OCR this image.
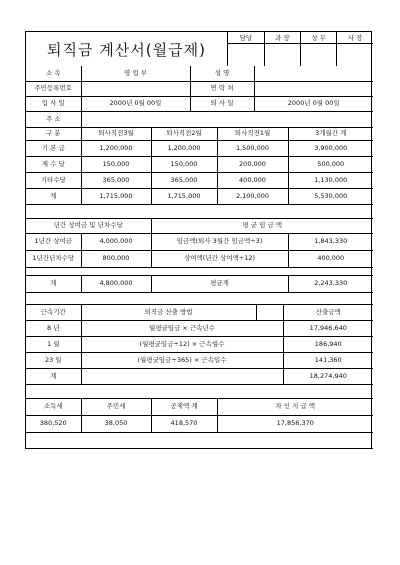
퇴직금 계산서(월급제)
담당	과 장	상 무	사 장

소 속	영 업 부	성 명	
주민등록번호		연 락 처	
입 사 일	2000년 0월 00일	퇴 사 일	2000년 0월 00일
주 소			
구 분	퇴사직전3월	퇴사직전2월	퇴사직전1월	3개월간 계
기 본 급	1,200,000	1,200,000	1,500,000	3,900,000
제 수 당	150,000	150,000	200,000	500,000
기타수당	365,000	365,000	400,000	1,130,000
계	1,715,000	1,715,000	2,100,000	5,530,000

년간 상여금 및 년차수당		평 균 임 금 액	
1년간 상여금	4,000,000	임금액(퇴사 3월간 임금액÷3)	1,843,330
1년간년차수당	800,000	상여액(년간 상여액÷12)	400,000

계	4,800,000	평균계	2,243,330

근속기간	퇴직금 산출 방법		산출금액
8 년	월평균임금 × 근속년수		17,946,640
1 월	(월평균임금÷12) × 근속월수		186,940
23 일	(월평균임금÷365) × 근속일수		141,360
계			18,274,940

소득세	주민세	공제액 계	차 인 지 급 액
380,520	38,050	418,570	17,856,370
